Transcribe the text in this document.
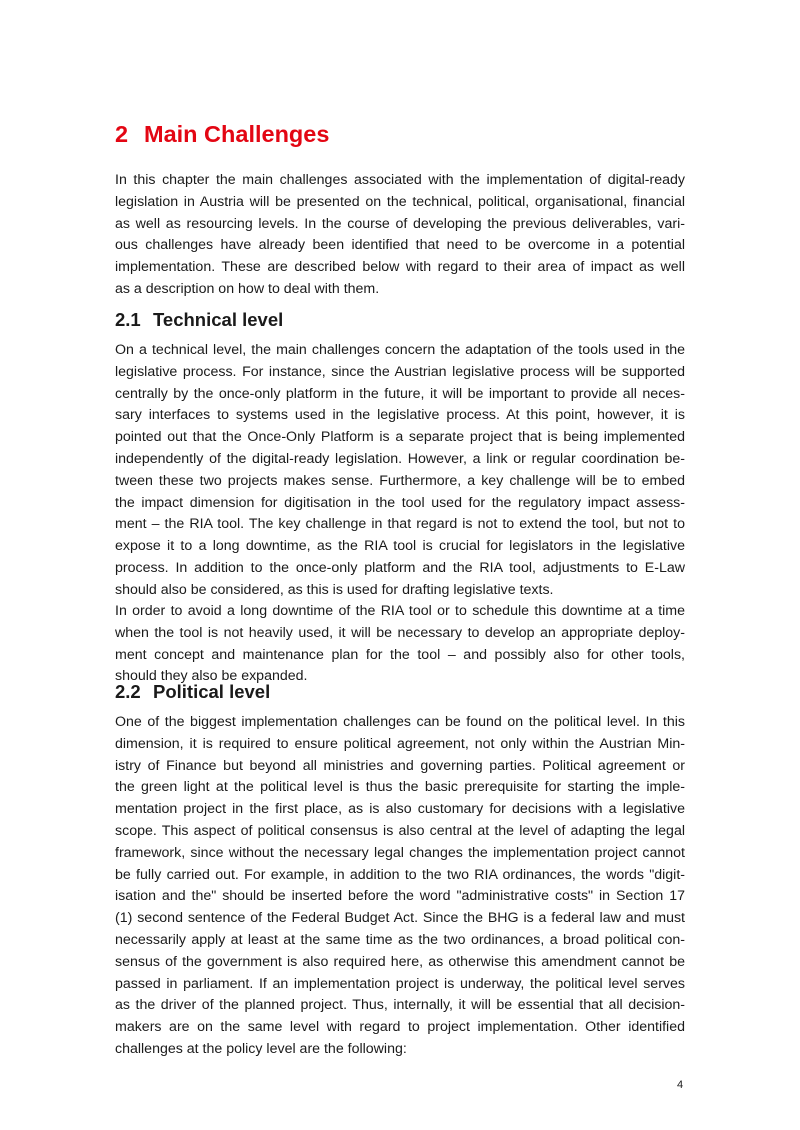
2 Main Challenges

In this chapter the main challenges associated with the implementation of digital-ready
legislation in Austria will be presented on the technical, political, organisational, financial
as well as resourcing levels. In the course of developing the previous deliverables, vari-
ous challenges have already been identified that need to be overcome in a potential
implementation. These are described below with regard to their area of impact as well
as a description on how to deal with them.

2.1 Technical level

On a technical level, the main challenges concern the adaptation of the tools used in the
legislative process. For instance, since the Austrian legislative process will be supported
centrally by the once-only platform in the future, it will be important to provide all neces-
sary interfaces to systems used in the legislative process. At this point, however, it is
pointed out that the Once-Only Platform is a separate project that is being implemented
independently of the digital-ready legislation. However, a link or regular coordination be-
tween these two projects makes sense. Furthermore, a key challenge will be to embed
the impact dimension for digitisation in the tool used for the regulatory impact assess-
ment – the RIA tool. The key challenge in that regard is not to extend the tool, but not to
expose it to a long downtime, as the RIA tool is crucial for legislators in the legislative
process. In addition to the once-only platform and the RIA tool, adjustments to E-Law
should also be considered, as this is used for drafting legislative texts.

In order to avoid a long downtime of the RIA tool or to schedule this downtime at a time
when the tool is not heavily used, it will be necessary to develop an appropriate deploy-
ment concept and maintenance plan for the tool – and possibly also for other tools,
should they also be expanded.

2.2 Political level

One of the biggest implementation challenges can be found on the political level. In this
dimension, it is required to ensure political agreement, not only within the Austrian Min-
istry of Finance but beyond all ministries and governing parties. Political agreement or
the green light at the political level is thus the basic prerequisite for starting the imple-
mentation project in the first place, as is also customary for decisions with a legislative
scope. This aspect of political consensus is also central at the level of adapting the legal
framework, since without the necessary legal changes the implementation project cannot
be fully carried out. For example, in addition to the two RIA ordinances, the words "digit-
isation and the" should be inserted before the word "administrative costs" in Section 17
(1) second sentence of the Federal Budget Act. Since the BHG is a federal law and must
necessarily apply at least at the same time as the two ordinances, a broad political con-
sensus of the government is also required here, as otherwise this amendment cannot be
passed in parliament. If an implementation project is underway, the political level serves
as the driver of the planned project. Thus, internally, it will be essential that all decision-
makers are on the same level with regard to project implementation. Other identified
challenges at the policy level are the following:

4
